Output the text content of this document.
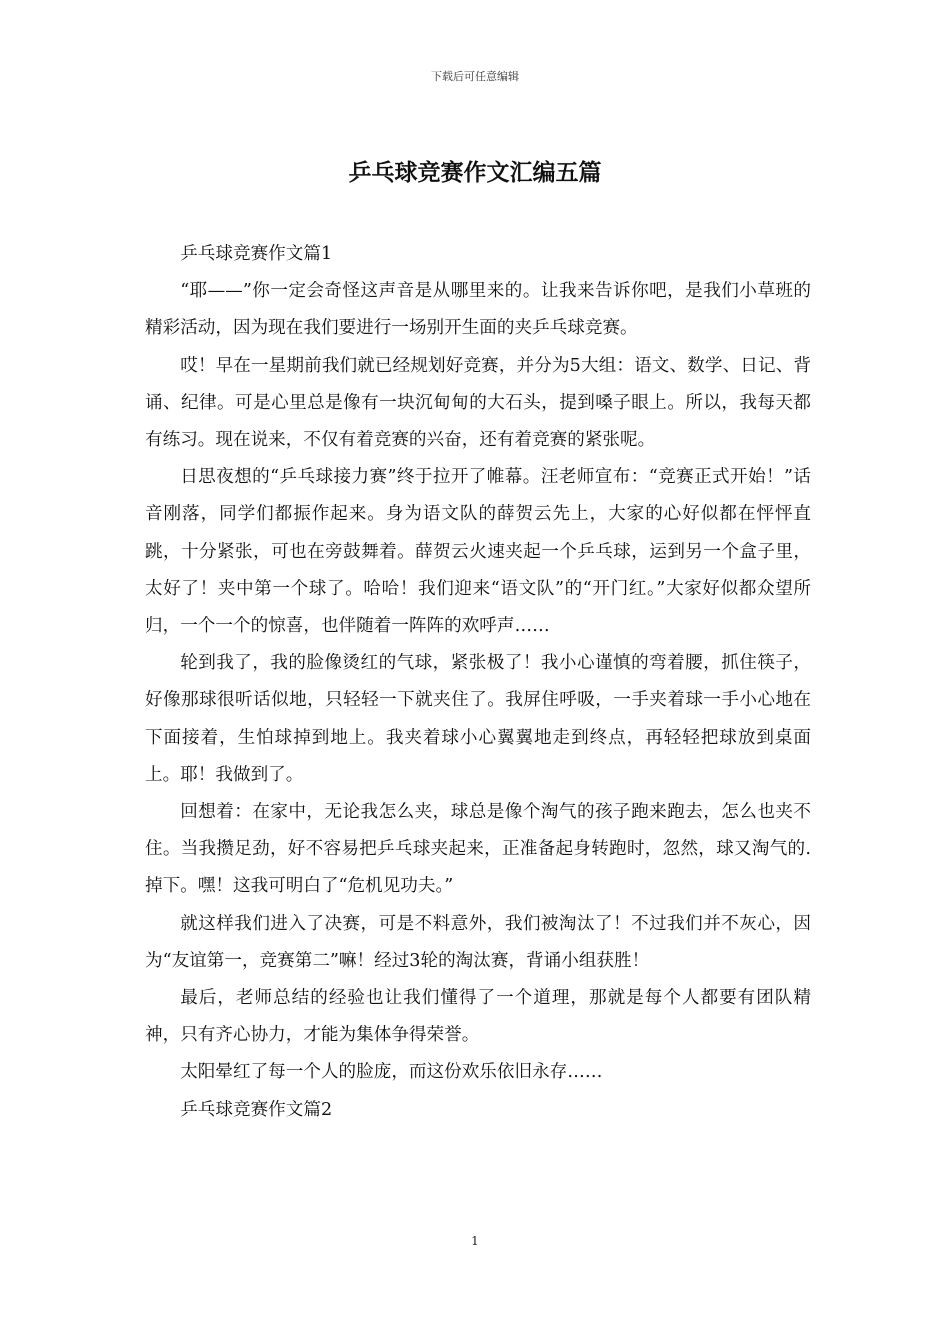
下载后可任意编辑
乒乓球竞赛作文汇编五篇

乒乓球竞赛作文篇1

“耶——”你一定会奇怪这声音是从哪里来的。让我来告诉你吧，是我们小草班的精彩活动，因为现在我们要进行一场别开生面的夹乒乓球竞赛。

哎！早在一星期前我们就已经规划好竞赛，并分为5大组：语文、数学、日记、背诵、纪律。可是心里总是像有一块沉甸甸的大石头，提到嗓子眼上。所以，我每天都有练习。现在说来，不仅有着竞赛的兴奋，还有着竞赛的紧张呢。

日思夜想的“乒乓球接力赛”终于拉开了帷幕。汪老师宣布：“竞赛正式开始！”话音刚落，同学们都振作起来。身为语文队的薛贺云先上，大家的心好似都在怦怦直跳，十分紧张，可也在旁鼓舞着。薛贺云火速夹起一个乒乓球，运到另一个盒子里，太好了！夹中第一个球了。哈哈！我们迎来“语文队”的“开门红。”大家好似都众望所归，一个一个的惊喜，也伴随着一阵阵的欢呼声……

轮到我了，我的脸像烫红的气球，紧张极了！我小心谨慎的弯着腰，抓住筷子，好像那球很听话似地，只轻轻一下就夹住了。我屏住呼吸，一手夹着球一手小心地在下面接着，生怕球掉到地上。我夹着球小心翼翼地走到终点，再轻轻把球放到桌面上。耶！我做到了。

回想着：在家中，无论我怎么夹，球总是像个淘气的孩子跑来跑去，怎么也夹不住。当我攒足劲，好不容易把乒乓球夹起来，正准备起身转跑时，忽然，球又淘气的.掉下。嘿！这我可明白了“危机见功夫。”

就这样我们进入了决赛，可是不料意外，我们被淘汰了！不过我们并不灰心，因为“友谊第一，竞赛第二”嘛！经过3轮的淘汰赛，背诵小组获胜！

最后，老师总结的经验也让我们懂得了一个道理，那就是每个人都要有团队精神，只有齐心协力，才能为集体争得荣誉。

太阳晕红了每一个人的脸庞，而这份欢乐依旧永存……

乒乓球竞赛作文篇2

1
